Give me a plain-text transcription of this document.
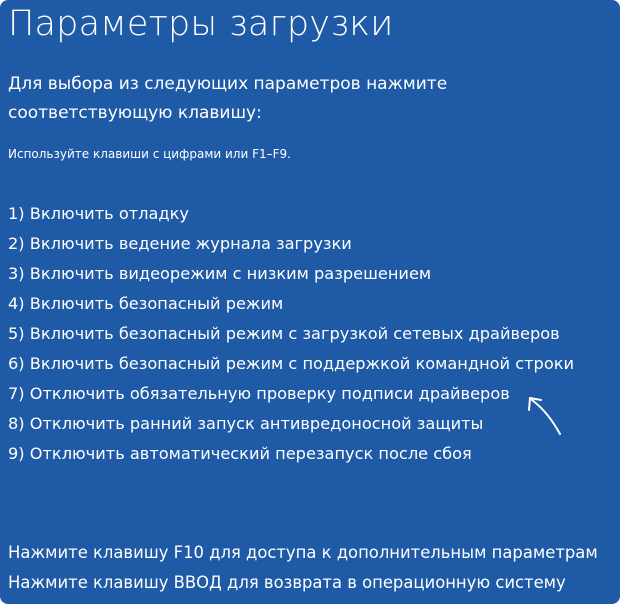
Параметры загрузки
Для выбора из следующих параметров нажмите соответствующую клавишу:
Используйте клавиши с цифрами или F1–F9.
1) Включить отладку
2) Включить ведение журнала загрузки
3) Включить видеорежим с низким разрешением
4) Включить безопасный режим
5) Включить безопасный режим с загрузкой сетевых драйверов
6) Включить безопасный режим с поддержкой командной строки
7) Отключить обязательную проверку подписи драйверов
8) Отключить ранний запуск антивредоносной защиты
9) Отключить автоматический перезапуск после сбоя
Нажмите клавишу F10 для доступа к дополнительным параметрам
Нажмите клавишу ВВОД для возврата в операционную систему
